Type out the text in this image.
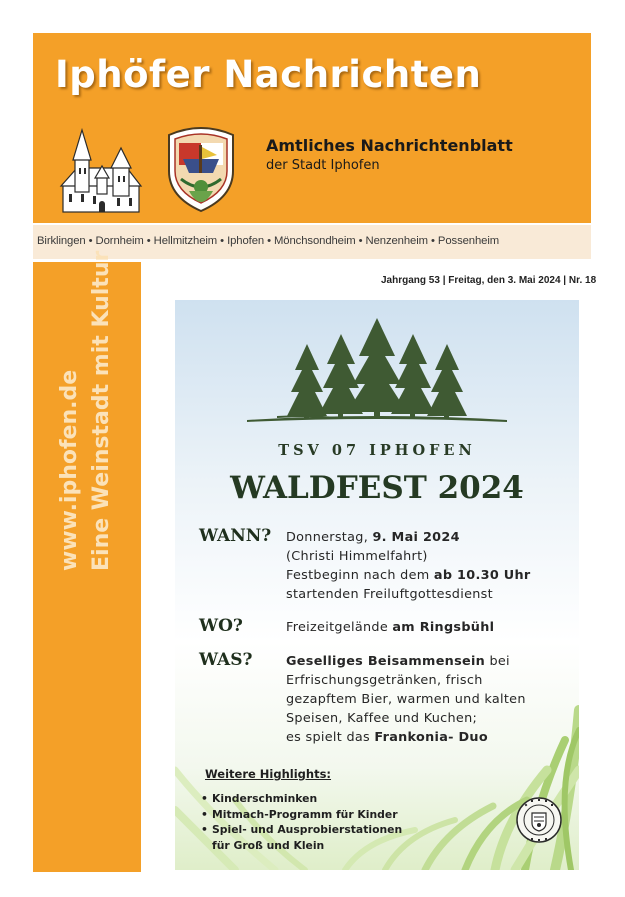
Iphöfer Nachrichten
Amtliches Nachrichtenblatt
der Stadt Iphofen
Birklingen • Dornheim • Hellmitzheim • Iphofen • Mönchsondheim • Nenzenheim • Possenheim
www.iphofen.de Eine Weinstadt mit Kultur	Jahrgang 53 | Freitag, den 3. Mai 2024 | Nr. 18
TSV 07 IPHOFEN
WALDFEST 2024
WANN? Donnerstag, 9. Mai 2024
(Christi Himmelfahrt)
Festbeginn nach dem ab 10.30 Uhr
startenden Freiluftgottesdienst
WO?	Freizeitgelände am Ringsbühl
WAS?	Geselliges Beisammensein bei
Erfrischungsgetränken, frisch
gezapftem Bier, warmen und kalten
Speisen, Kaffee und Kuchen;
es spielt das Frankonia- Duo
Weitere Highlights:
• Kinderschminken
• Mitmach-Programm für Kinder
• Spiel- und Ausprobierstationen
für Groß und Klein
